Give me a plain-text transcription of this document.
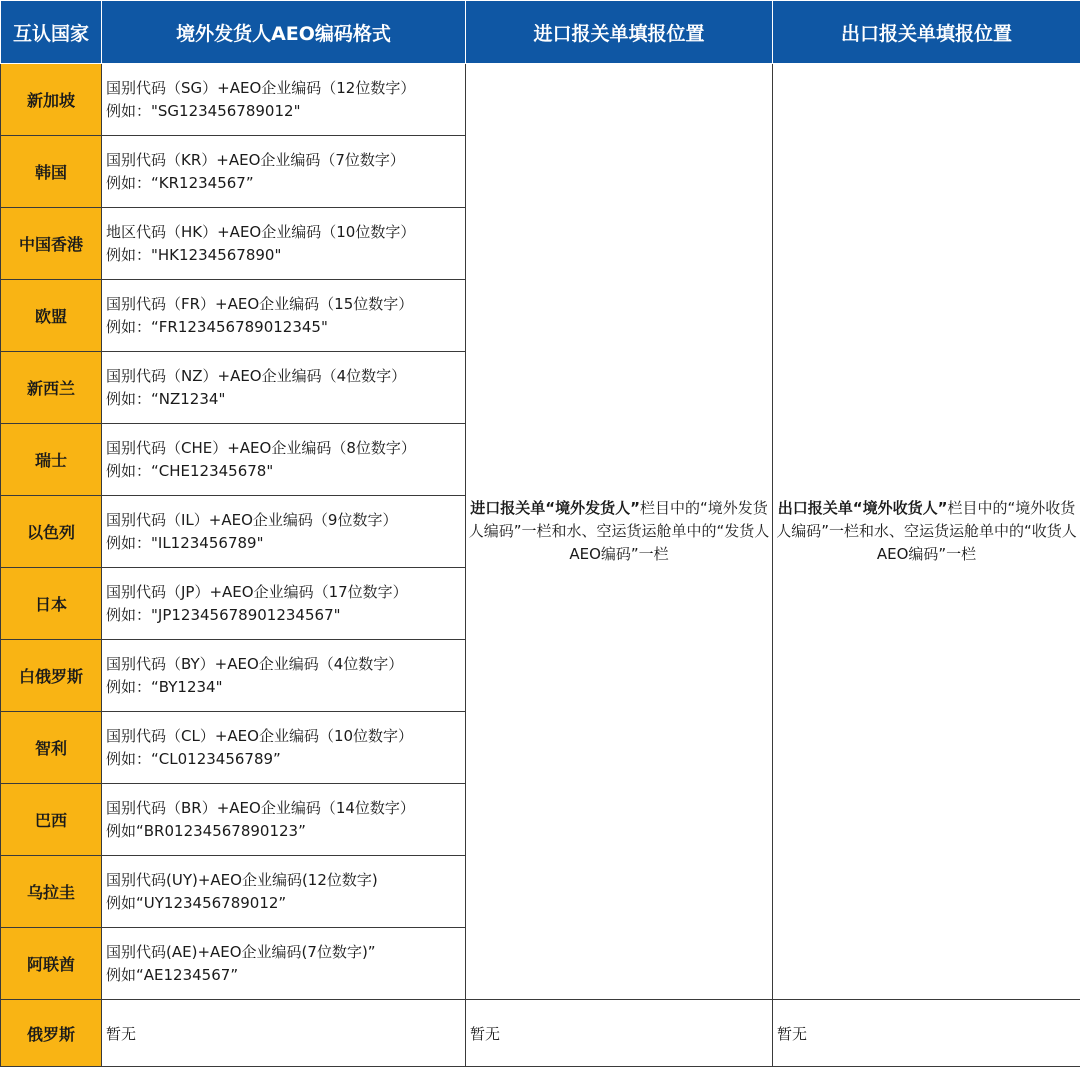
互认国家	境外发货人AEO编码格式	进口报关单填报位置	出口报关单填报位置
新加坡	国别代码（SG）+AEO企业编码（12位数字）
例如："SG123456789012"	进口报关单“境外发货人”栏目中的“境外发货人编码”一栏和水、空运货运舱单中的“发货人AEO编码”一栏	出口报关单“境外收货人”栏目中的“境外收货人编码”一栏和水、空运货运舱单中的“收货人AEO编码”一栏
韩国	国别代码（KR）+AEO企业编码（7位数字）
例如：“KR1234567”		

中国香港	地区代码（HK）+AEO企业编码（10位数字）
例如："HK1234567890"		

欧盟	国别代码（FR）+AEO企业编码（15位数字）
例如：“FR123456789012345"		

新西兰	国别代码（NZ）+AEO企业编码（4位数字）
例如：“NZ1234"		

瑞士	国别代码（CHE）+AEO企业编码（8位数字）
例如：“CHE12345678"		

以色列	国别代码（IL）+AEO企业编码（9位数字）
例如："IL123456789"		

日本	国别代码（JP）+AEO企业编码（17位数字）
例如："JP12345678901234567"		

白俄罗斯	国别代码（BY）+AEO企业编码（4位数字）
例如：“BY1234"		

智利	国别代码（CL）+AEO企业编码（10位数字）
例如：“CL0123456789”		

巴西	国别代码（BR）+AEO企业编码（14位数字）
例如“BR01234567890123”		

乌拉圭	国别代码(UY)+AEO企业编码(12位数字)
例如“UY123456789012”		

阿联酋	国别代码(AE)+AEO企业编码(7位数字)”
例如“AE1234567”		

俄罗斯	暂无	暂无	暂无
